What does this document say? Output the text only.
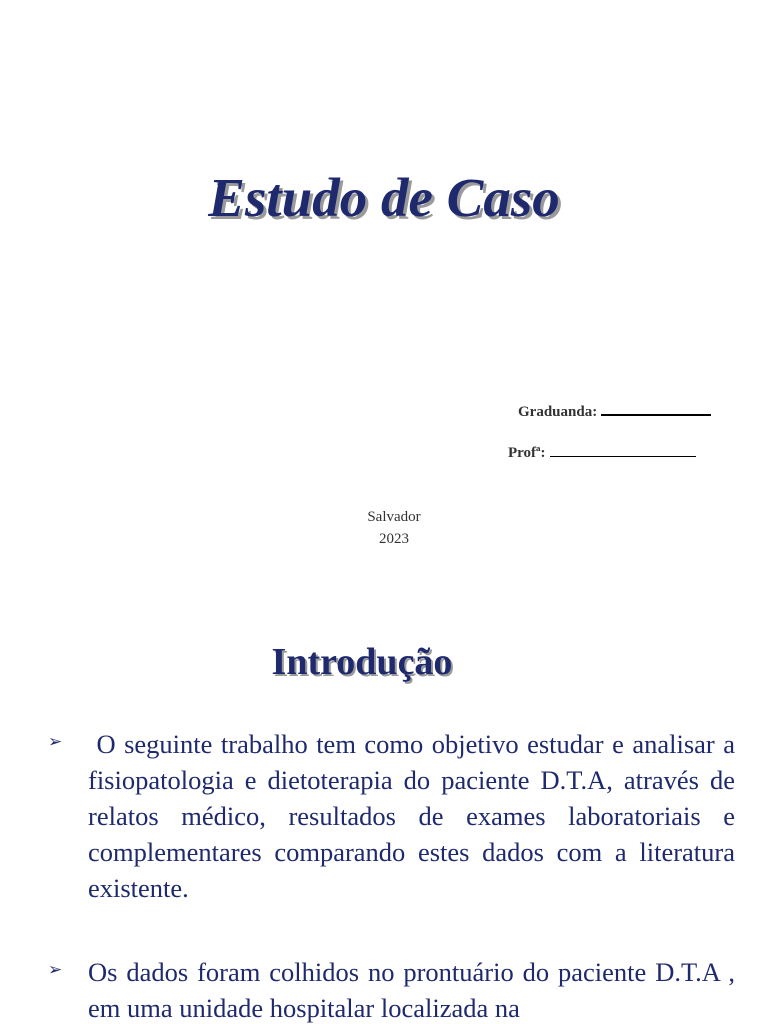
Estudo de Caso
Graduanda:
Profª:
Salvador
2023
Introdução
➢ O seguinte trabalho tem como objetivo estudar e analisar a fisiopatologia e dietoterapia do paciente D.T.A, através de relatos médico, resultados de exames laboratoriais e complementares comparando estes dados com a literatura existente.
➢ Os dados foram colhidos no prontuário do paciente D.T.A , em uma unidade hospitalar localizada na
